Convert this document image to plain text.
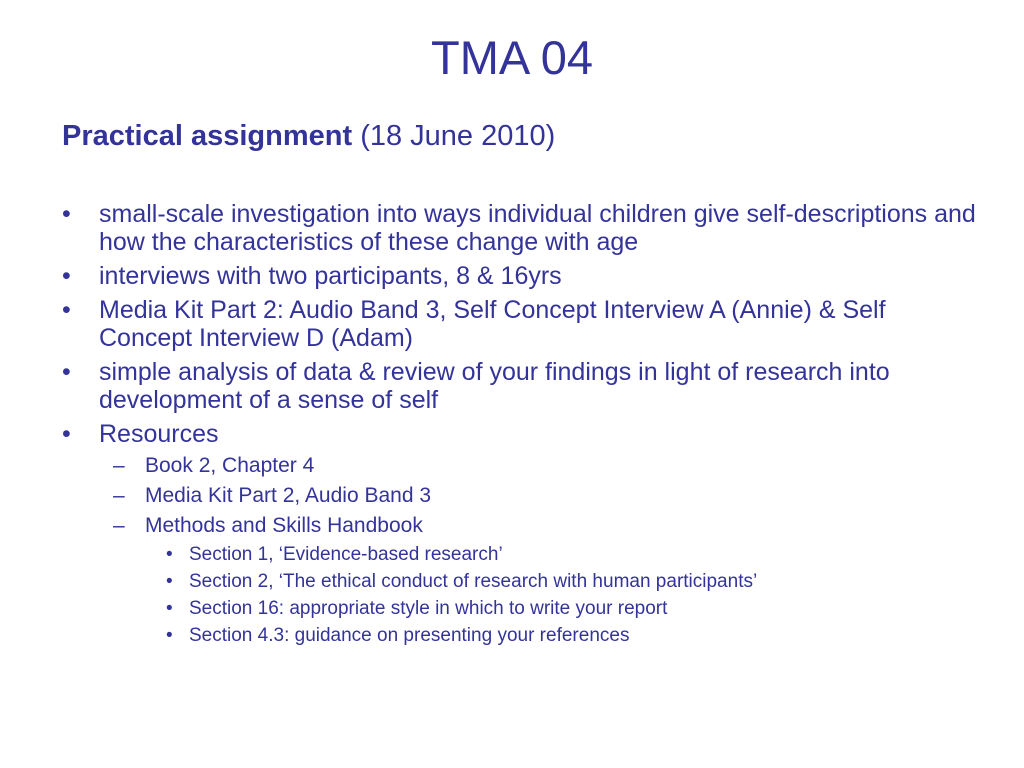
TMA 04

Practical assignment (18 June 2010)

• small-scale investigation into ways individual children give self-descriptions and how the characteristics of these change with age
• interviews with two participants, 8 & 16yrs
• Media Kit Part 2: Audio Band 3, Self Concept Interview A (Annie) & Self Concept Interview D (Adam)
• simple analysis of data & review of your findings in light of research into development of a sense of self
• Resources
– Book 2, Chapter 4
– Media Kit Part 2, Audio Band 3
– Methods and Skills Handbook
• Section 1, ‘Evidence-based research’
• Section 2, ‘The ethical conduct of research with human participants’
• Section 16: appropriate style in which to write your report
• Section 4.3: guidance on presenting your references
